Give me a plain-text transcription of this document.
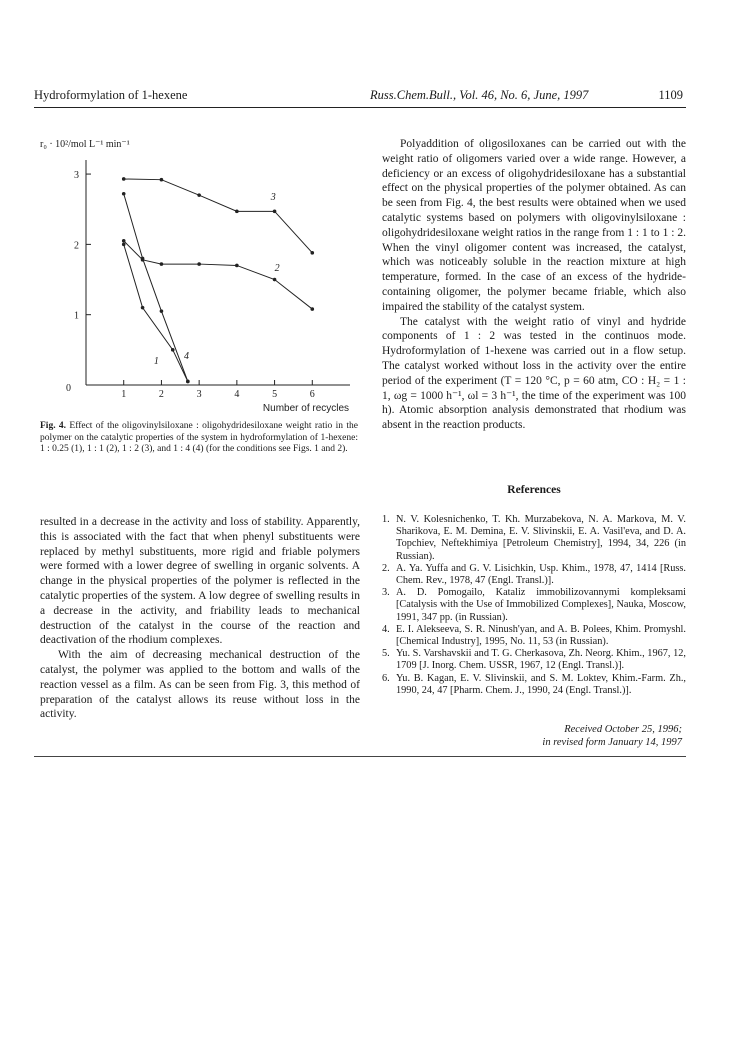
Hydroformylation of 1-hexene	Russ.Chem.Bull., Vol. 46, No. 6, June, 1997	1109
r₀ · 10²/mol L⁻¹ min⁻¹
0
1
2
3
1	2	3	4	5	6
Number of recycles
1	4
2
3
Fig. 4. Effect of the oligovinylsiloxane : oligohydridesiloxane weight ratio in the polymer on the catalytic properties of the system in hydroformylation of 1-hexene: 1 : 0.25 (1), 1 : 1 (2), 1 : 2 (3), and 1 : 4 (4) (for the conditions see Figs. 1 and 2).

Polyaddition of oligosiloxanes can be carried out with the weight ratio of oligomers varied over a wide range. However, a deficiency or an excess of oligohydridesiloxane has a substantial effect on the physical properties of the polymer obtained. As can be seen from Fig. 4, the best results were obtained when we used catalytic systems based on polymers with oligovinylsiloxane : oligohydridesiloxane weight ratios in the range from 1 : 1 to 1 : 2. When the vinyl oligomer content was increased, the catalyst, which was noticeably soluble in the reaction mixture at high temperature, formed. In the case of an excess of the hydride-containing oligomer, the polymer became friable, which also impaired the stability of the catalyst system.

The catalyst with the weight ratio of vinyl and hydride components of 1 : 2 was tested in the continuos mode. Hydroformylation of 1-hexene was carried out in a flow setup. The catalyst worked without loss in the activity over the entire period of the experiment (T = 120 °C, p = 60 atm, CO : H₂ = 1 : 1, ωg = 1000 h⁻¹, ωl = 3 h⁻¹, the time of the experiment was 100 h). Atomic absorption analysis demonstrated that rhodium was absent in the reaction products.

References
1. N. V. Kolesnichenko, T. Kh. Murzabekova, N. A. Markova, M. V. Sharikova, E. M. Demina, E. V. Slivinskii, E. A. Vasil'eva, and D. A. Topchiev, Neftekhimiya [Petroleum Chemistry], 1994, 34, 226 (in Russian).
2. A. Ya. Yuffa and G. V. Lisichkin, Usp. Khim., 1978, 47, 1414 [Russ. Chem. Rev., 1978, 47 (Engl. Transl.)].
3. A. D. Pomogailo, Kataliz immobilizovannymi kompleksami [Catalysis with the Use of Immobilized Complexes], Nauka, Moscow, 1991, 347 pp. (in Russian).
4. E. I. Alekseeva, S. R. Ninush'yan, and A. B. Polees, Khim. Promyshl. [Chemical Industry], 1995, No. 11, 53 (in Russian).
5. Yu. S. Varshavskii and T. G. Cherkasova, Zh. Neorg. Khim., 1967, 12, 1709 [J. Inorg. Chem. USSR, 1967, 12 (Engl. Transl.)].
6. Yu. B. Kagan, E. V. Slivinskii, and S. M. Loktev, Khim.-Farm. Zh., 1990, 24, 47 [Pharm. Chem. J., 1990, 24 (Engl. Transl.)].

resulted in a decrease in the activity and loss of stability. Apparently, this is associated with the fact that when phenyl substituents were replaced by methyl substituents, more rigid and friable polymers were formed with a lower degree of swelling in organic solvents. A change in the physical properties of the polymer is reflected in the catalytic properties of the system. A low degree of swelling results in a decrease in the activity, and friability leads to mechanical destruction of the catalyst in the course of the reaction and deactivation of the rhodium complexes.

With the aim of decreasing mechanical destruction of the catalyst, the polymer was applied to the bottom and walls of the reaction vessel as a film. As can be seen from Fig. 3, this method of preparation of the catalyst allows its reuse without loss in the activity.

Received October 25, 1996;
in revised form January 14, 1997
